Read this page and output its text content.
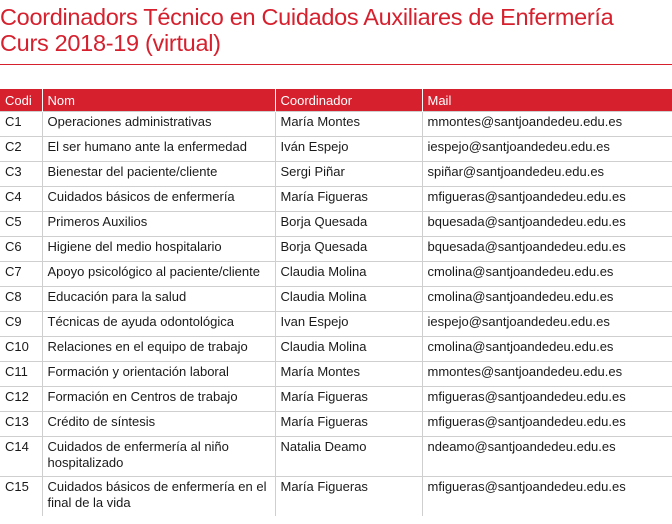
Coordinadors Técnico en Cuidados Auxiliares de Enfermería
Curs 2018-19 (virtual)
Codi	Nom	Coordinador	Mail
C1	Operaciones administrativas	María Montes	mmontes@santjoandedeu.edu.es
C2	El ser humano ante la enfermedad	Iván Espejo	iespejo@santjoandedeu.edu.es
C3	Bienestar del paciente/cliente	Sergi Piñar	spiñar@santjoandedeu.edu.es
C4	Cuidados básicos de enfermería	María Figueras	mfigueras@santjoandedeu.edu.es
C5	Primeros Auxilios	Borja Quesada	bquesada@santjoandedeu.edu.es
C6	Higiene del medio hospitalario	Borja Quesada	bquesada@santjoandedeu.edu.es
C7	Apoyo psicológico al paciente/cliente	Claudia Molina	cmolina@santjoandedeu.edu.es
C8	Educación para la salud	Claudia Molina	cmolina@santjoandedeu.edu.es
C9	Técnicas de ayuda odontológica	Ivan Espejo	iespejo@santjoandedeu.edu.es
C10	Relaciones en el equipo de trabajo	Claudia Molina	cmolina@santjoandedeu.edu.es
C11	Formación y orientación laboral	María Montes	mmontes@santjoandedeu.edu.es
C12	Formación en Centros de trabajo	María Figueras	mfigueras@santjoandedeu.edu.es
C13	Crédito de síntesis	María Figueras	mfigueras@santjoandedeu.edu.es
C14	Cuidados de enfermería al niño hospitalizado	Natalia Deamo	ndeamo@santjoandedeu.edu.es
C15	Cuidados básicos de enfermería en el final de la vida	María Figueras	mfigueras@santjoandedeu.edu.es
